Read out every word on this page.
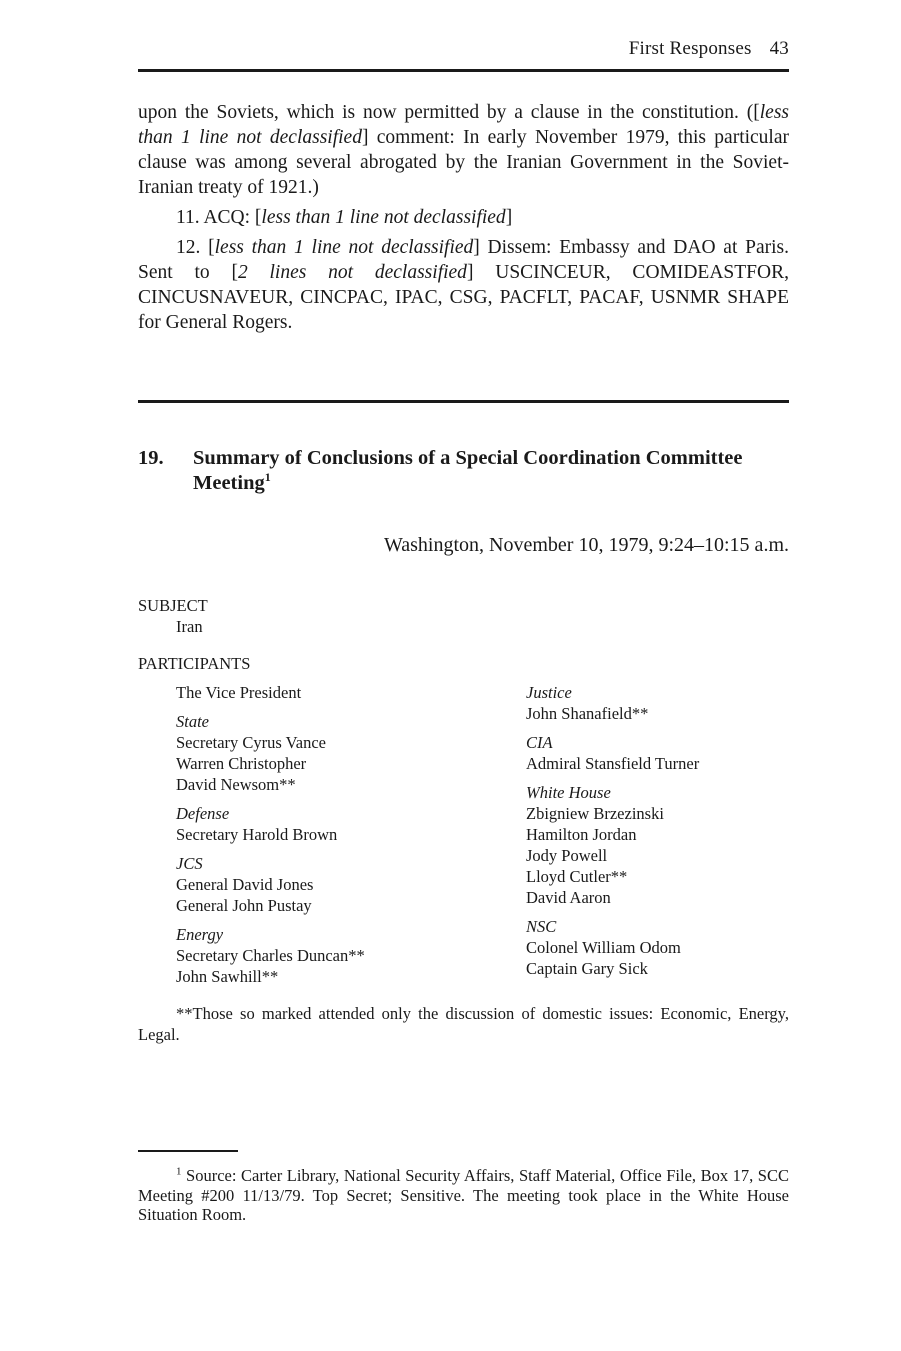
First Responses 43

upon the Soviets, which is now permitted by a clause in the constitution. ([less than 1 line not declassified] comment: In early November 1979, this particular clause was among several abrogated by the Iranian Government in the Soviet-Iranian treaty of 1921.)

11. ACQ: [less than 1 line not declassified]

12. [less than 1 line not declassified] Dissem: Embassy and DAO at Paris. Sent to [2 lines not declassified] USCINCEUR, COMIDEASTFOR, CINCUSNAVEUR, CINCPAC, IPAC, CSG, PACFLT, PACAF, USNMR SHAPE for General Rogers.

19. Summary of Conclusions of a Special Coordination Committee Meeting$^1$
Washington, November 10, 1979, 9:24–10:15 a.m.
SUBJECT
Iran
PARTICIPANTS
The Vice President
State
Secretary Cyrus Vance
Warren Christopher
David Newsom**
Defense
Secretary Harold Brown
JCS
General David Jones
General John Pustay
Energy
Secretary Charles Duncan**
John Sawhill**
Justice
John Shanafield**
CIA
Admiral Stansfield Turner
White House
Zbigniew Brzezinski
Hamilton Jordan
Jody Powell
Lloyd Cutler**
David Aaron
NSC
Colonel William Odom
Captain Gary Sick
**Those so marked attended only the discussion of domestic issues: Economic, Energy, Legal.
$^1$ Source: Carter Library, National Security Affairs, Staff Material, Office File, Box 17, SCC Meeting #200 11/13/79. Top Secret; Sensitive. The meeting took place in the White House Situation Room.
